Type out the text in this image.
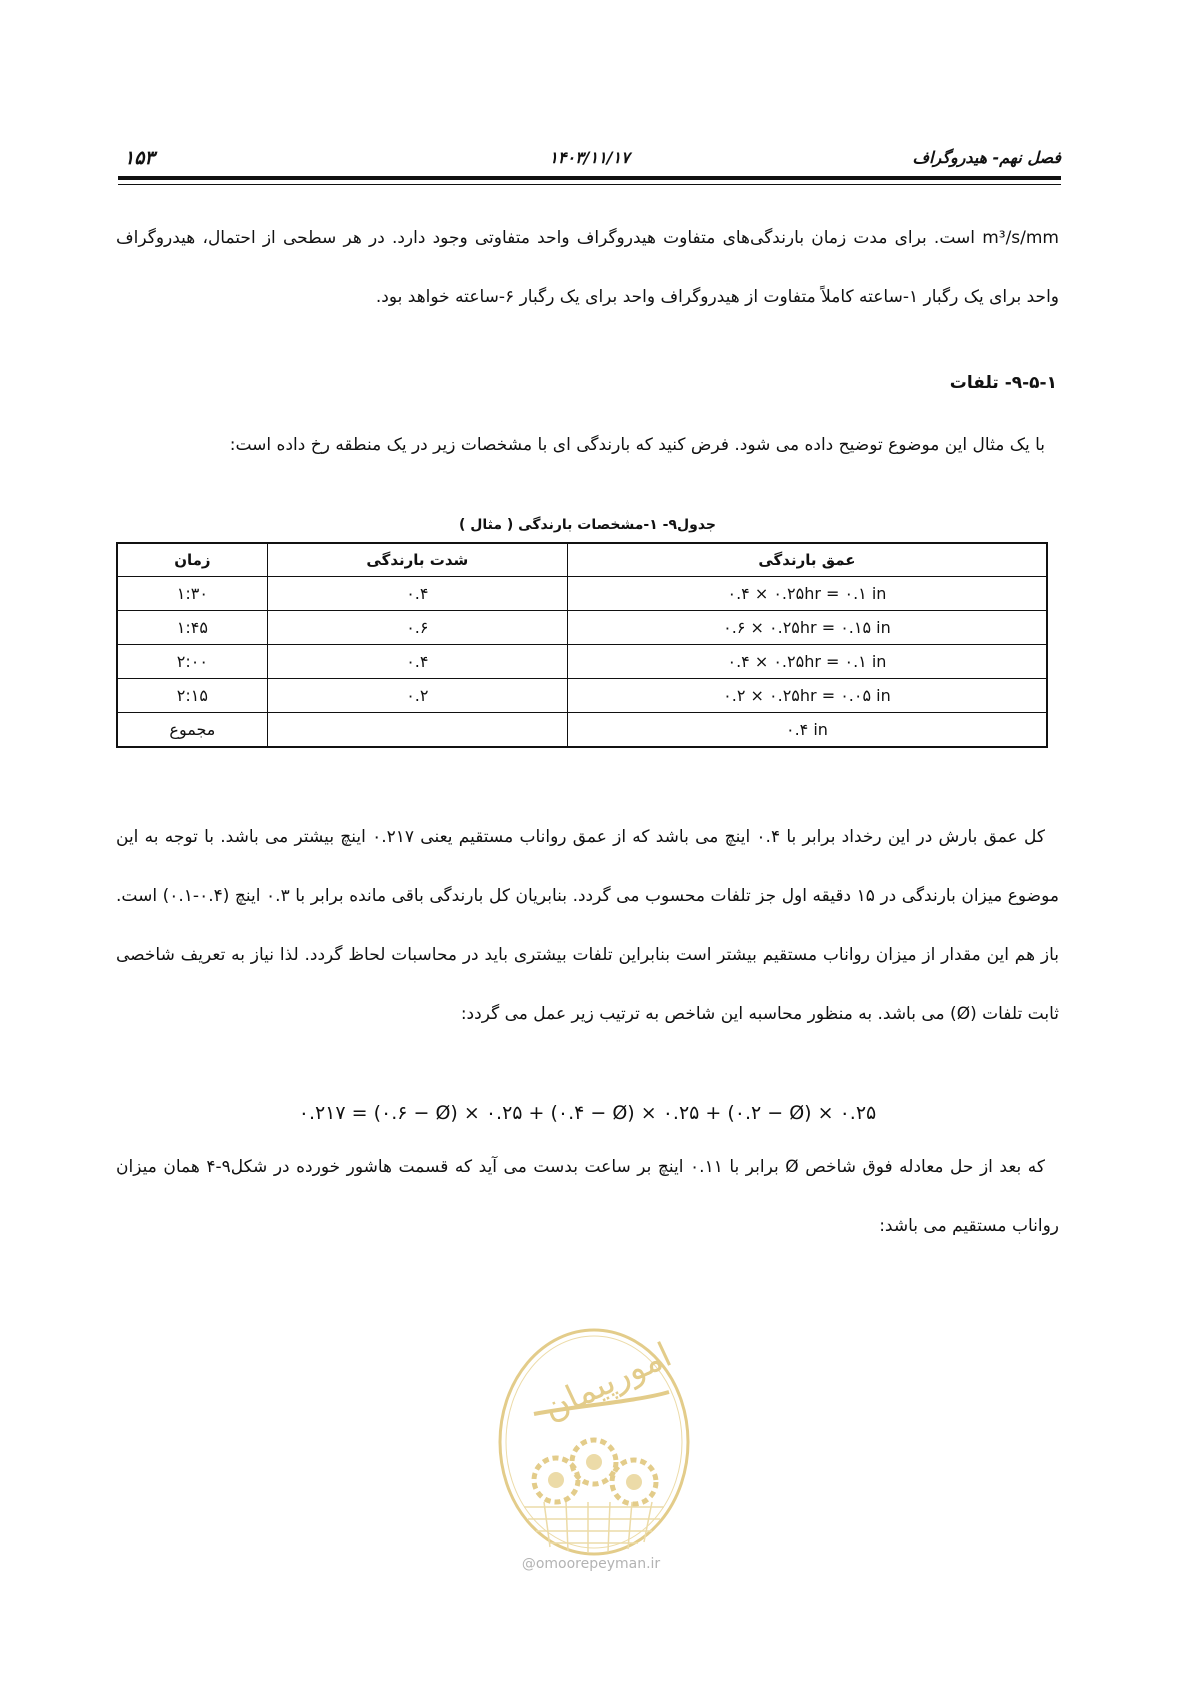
۱۵۳	۱۴۰۳/۱۱/۱۷	فصل نهم- هیدروگراف

m³/s/mm است. برای مدت زمان بارندگی‌های متفاوت هیدروگراف واحد متفاوتی وجود دارد. در هر سطحی از احتمال، هیدروگراف واحد برای یک رگبار ۱-ساعته کاملاً متفاوت از هیدروگراف واحد برای یک رگبار ۶-ساعته خواهد بود.

۹-۵-۱- تلفات

با یک مثال این موضوع توضیح داده می شود. فرض کنید که بارندگی ای با مشخصات زیر در یک منطقه رخ داده است:

جدول۹- ۱-مشخصات بارندگی ( مثال )
عمق بارندگی	شدت بارندگی	زمان
۰.۴ × ۰.۲۵hr = ۰.۱ in	۰.۴	۱:۳۰
۰.۶ × ۰.۲۵hr = ۰.۱۵ in	۰.۶	۱:۴۵
۰.۴ × ۰.۲۵hr = ۰.۱ in	۰.۴	۲:۰۰
۰.۲ × ۰.۲۵hr = ۰.۰۵ in	۰.۲	۲:۱۵
۰.۴ in		مجموع

کل عمق بارش در این رخداد برابر با ۰.۴ اینچ می باشد که از عمق رواناب مستقیم یعنی ۰.۲۱۷ اینچ بیشتر می باشد. با توجه به این موضوع میزان بارندگی در ۱۵ دقیقه اول جز تلفات محسوب می گردد. بنابریان کل بارندگی باقی مانده برابر با ۰.۳ اینچ (۰.۴-۰.۱) است. باز هم این مقدار از میزان رواناب مستقیم بیشتر است بنابراین تلفات بیشتری باید در محاسبات لحاظ گردد. لذا نیاز به تعریف شاخصی ثابت تلفات (Ø) می باشد. به منظور محاسبه این شاخص به ترتیب زیر عمل می گردد:

۰.۲۱۷ = (۰.۶ − Ø) × ۰.۲۵ + (۰.۴ − Ø) × ۰.۲۵ + (۰.۲ − Ø) × ۰.۲۵

که بعد از حل معادله فوق شاخص Ø برابر با ۰.۱۱ اینچ بر ساعت بدست می آید که قسمت هاشور خورده در شکل۹-۴ همان میزان رواناب مستقیم می باشد:

امورپیمان
@omoorepeyman.ir
